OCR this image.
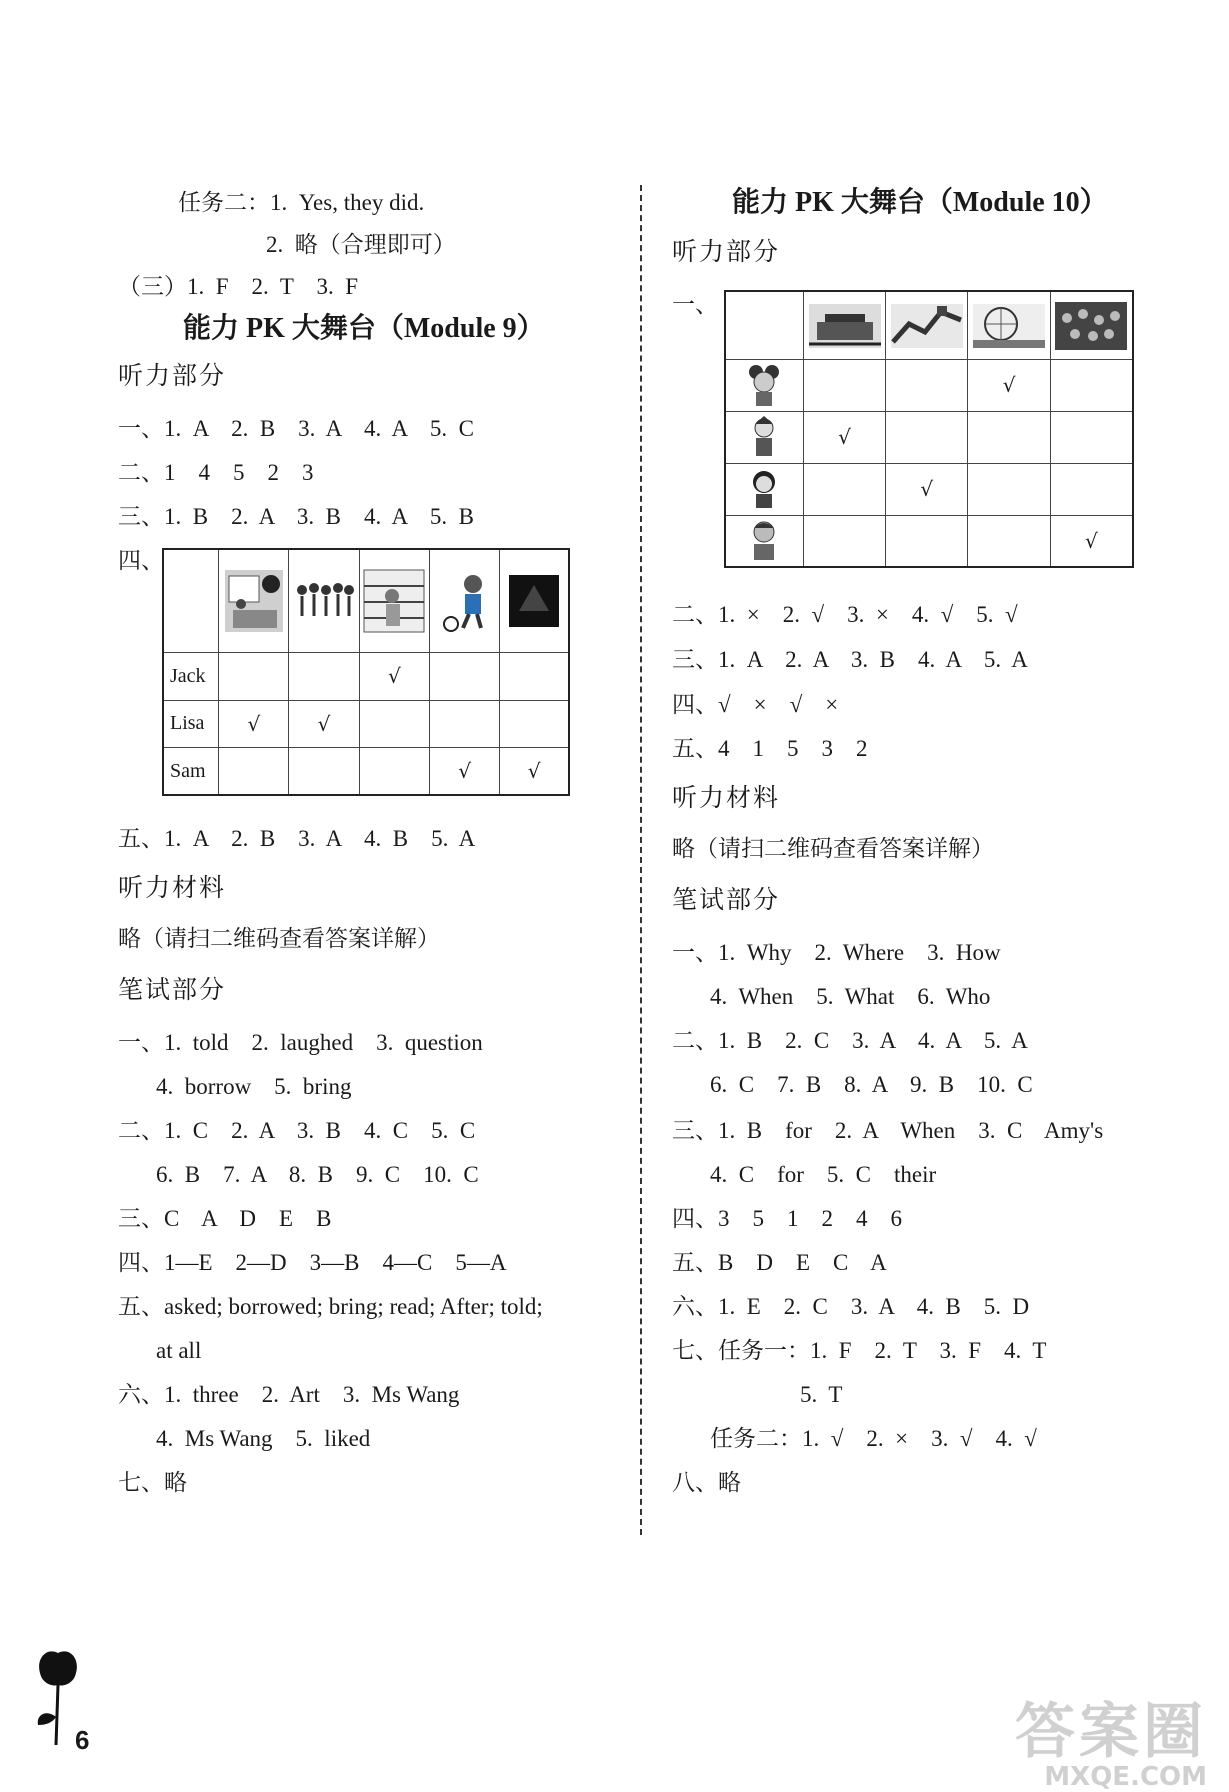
任务二：1.  Yes, they did.
2.  略（合理即可）
（三）1.  F    2.  T    3.  F
能力 PK 大舞台（Module 9）
听力部分
一、1.  A    2.  B    3.  A    4.  A    5.  C
二、1    4    5    2    3
三、1.  B    2.  A    3.  B    4.  A    5.  B
四、

Jack			√		
Lisa	√	√			
Sam				√	√
五、1.  A    2.  B    3.  A    4.  B    5.  A
听力材料
略（请扫二维码查看答案详解）
笔试部分
一、1.  told    2.  laughed    3.  question
4.  borrow    5.  bring
二、1.  C    2.  A    3.  B    4.  C    5.  C
6.  B    7.  A    8.  B    9.  C    10.  C
三、C    A    D    E    B
四、1—E    2—D    3—B    4—C    5—A
五、asked; borrowed; bring; read; After; told;
at all
六、1.  three    2.  Art    3.  Ms Wang
4.  Ms Wang    5.  liked
七、略
能力 PK 大舞台（Module 10）
听力部分
一、

			√	

	√			

		√		

				√
二、1.  ×    2.  √    3.  ×    4.  √    5.  √
三、1.  A    2.  A    3.  B    4.  A    5.  A
四、√    ×    √    ×
五、4    1    5    3    2
听力材料
略（请扫二维码查看答案详解）
笔试部分
一、1.  Why    2.  Where    3.  How
4.  When    5.  What    6.  Who
二、1.  B    2.  C    3.  A    4.  A    5.  A
6.  C    7.  B    8.  A    9.  B    10.  C
三、1.  B    for    2.  A    When    3.  C    Amy's
4.  C    for    5.  C    their
四、3    5    1    2    4    6
五、B    D    E    C    A
六、1.  E    2.  C    3.  A    4.  B    5.  D
七、任务一：1.  F    2.  T    3.  F    4.  T
5.  T
任务二：1.  √    2.  ×    3.  √    4.  √
八、略
6	答案圈
MXQE.COM
